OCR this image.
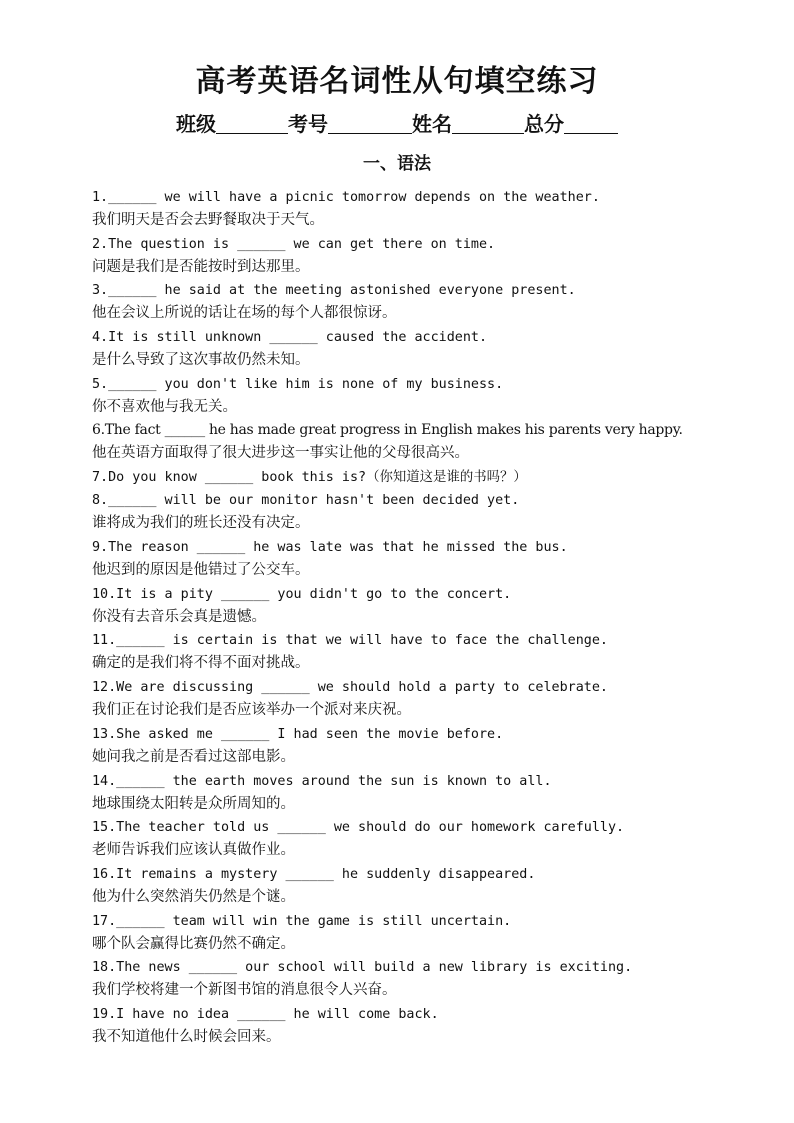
高考英语名词性从句填空练习
班级	考号	姓名	总分
一、语法
1.______ we will have a picnic tomorrow depends on the weather.
我们明天是否会去野餐取决于天气。
2.The question is ______ we can get there on time.
问题是我们是否能按时到达那里。
3.______ he said at the meeting astonished everyone present.
他在会议上所说的话让在场的每个人都很惊讶。
4.It is still unknown ______ caused the accident.
是什么导致了这次事故仍然未知。
5.______ you don't like him is none of my business.
你不喜欢他与我无关。
6.The fact ______ he has made great progress in English makes his parents very happy.
他在英语方面取得了很大进步这一事实让他的父母很高兴。
7.Do you know ______ book this is?（你知道这是谁的书吗？）
8.______ will be our monitor hasn't been decided yet.
谁将成为我们的班长还没有决定。
9.The reason ______ he was late was that he missed the bus.
他迟到的原因是他错过了公交车。
10.It is a pity ______ you didn't go to the concert.
你没有去音乐会真是遗憾。
11.______ is certain is that we will have to face the challenge.
确定的是我们将不得不面对挑战。
12.We are discussing ______ we should hold a party to celebrate.
我们正在讨论我们是否应该举办一个派对来庆祝。
13.She asked me ______ I had seen the movie before.
她问我之前是否看过这部电影。
14.______ the earth moves around the sun is known to all.
地球围绕太阳转是众所周知的。
15.The teacher told us ______ we should do our homework carefully.
老师告诉我们应该认真做作业。
16.It remains a mystery ______ he suddenly disappeared.
他为什么突然消失仍然是个谜。
17.______ team will win the game is still uncertain.
哪个队会赢得比赛仍然不确定。
18.The news ______ our school will build a new library is exciting.
我们学校将建一个新图书馆的消息很令人兴奋。
19.I have no idea ______ he will come back.
我不知道他什么时候会回来。
